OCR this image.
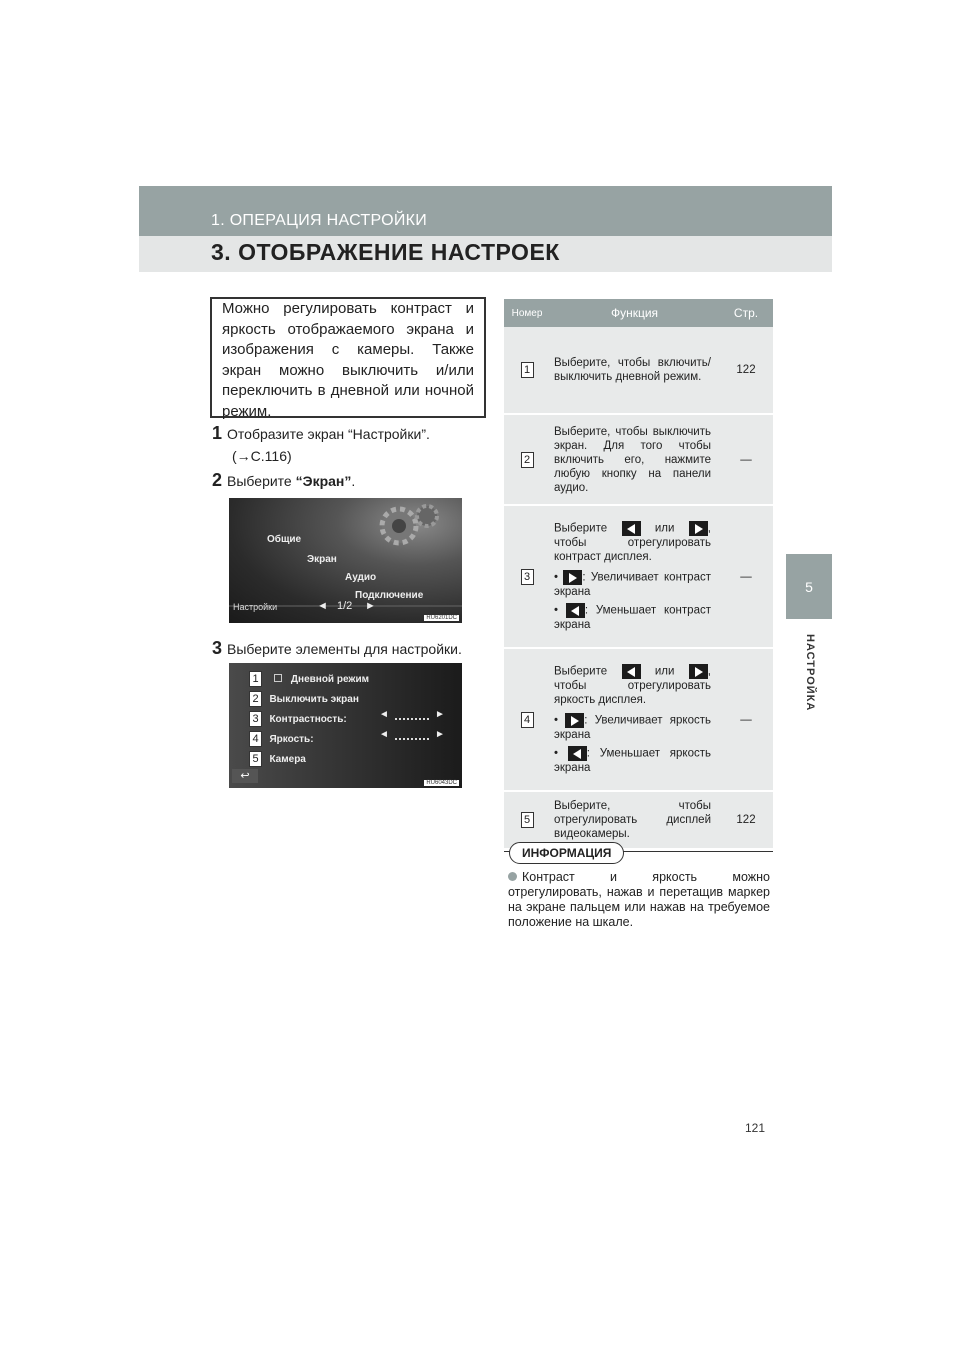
1. ОПЕРАЦИЯ НАСТРОЙКИ
3. ОТОБРАЖЕНИЕ НАСТРОЕК
5
НАСТРОЙКА
Можно регулировать контраст и яркость отображаемого экрана и изображения с камеры. Также экран можно выключить и/или переключить в дневной или ночной режим.
1 Отобразите экран “Настройки”.
(→С.116)
2 Выберите “Экран”.
Общие
Экран
Аудио
Подключение
Настройки	◄ 1/2 ►
RU6201DC
3 Выберите элементы для настройки.
1	Дневной режим
2 Выключить экран
3 Контрастность:	◄	►
4 Яркость:	◄	►
5 Камера
↩
RU6043DC
Номер	Функция	Стр.
1	Выберите, чтобы включить/выключить дневной режим.	122
2	Выберите, чтобы выключить экран. Для того чтобы включить его, нажмите любую кнопку на панели аудио.	—
3	Выберите или , чтобы отрегулировать контраст дисплея.
• : Увеличивает контраст экрана
• : Уменьшает контраст экрана	—
4	Выберите или , чтобы отрегулировать яркость дисплея.
• : Увеличивает яркость экрана
• : Уменьшает яркость экрана	—
5	Выберите, чтобы отрегулировать дисплей видеокамеры.	122
ИНФОРМАЦИЯ
Контраст и яркость можно отрегулировать, нажав и перетащив маркер на экране пальцем или нажав на требуемое положение на шкале.
121
